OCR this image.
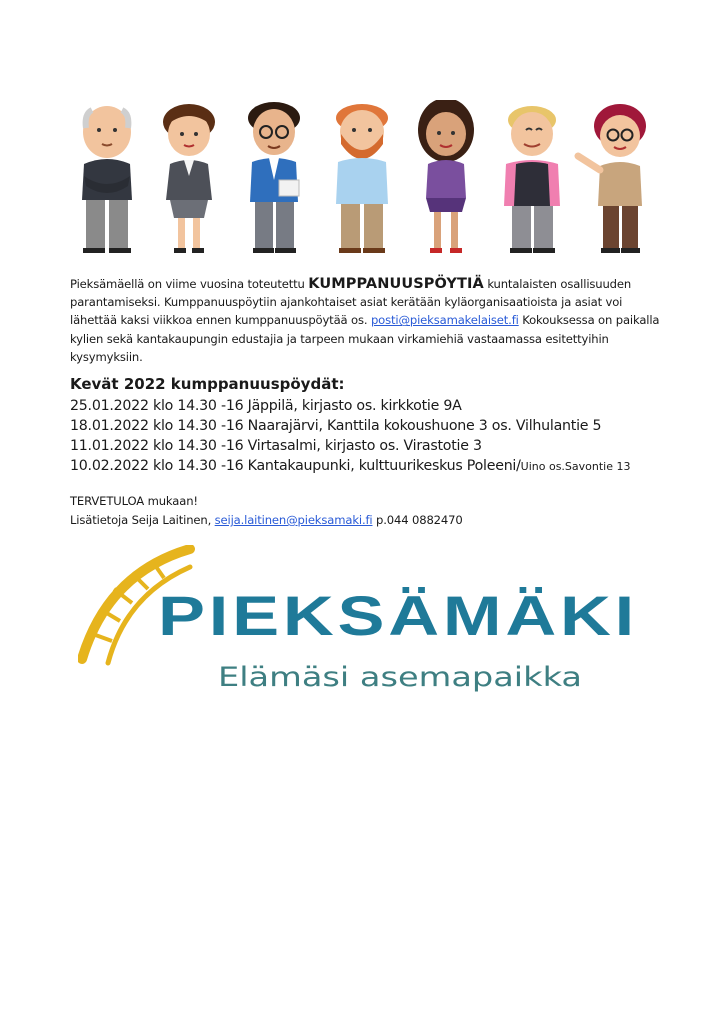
Pieksämäellä on viime vuosina toteutettu KUMPPANUUSPÖYTIÄ kuntalaisten osallisuuden parantamiseksi. Kumppanuuspöytiin ajankohtaiset asiat kerätään kyläorganisaatioista ja asiat voi lähettää kaksi viikkoa ennen kumppanuuspöytää os. posti@pieksamakelaiset.fi Kokouksessa on paikalla kylien sekä kantakaupungin edustajia ja tarpeen mukaan virkamiehiä vastaamassa esitettyihin kysymyksiin.
Kevät 2022 kumppanuuspöydät:
25.01.2022 klo 14.30 -16 Jäppilä, kirjasto os. kirkkotie 9A
18.01.2022 klo 14.30 -16 Naarajärvi, Kanttila kokoushuone 3 os. Vilhulantie 5
11.01.2022 klo 14.30 -16 Virtasalmi, kirjasto os. Virastotie 3
10.02.2022 klo 14.30 -16 Kantakaupunki, kulttuurikeskus Poleeni/Uino os.Savontie 13
TERVETULOA mukaan!
Lisätietoja Seija Laitinen, seija.laitinen@pieksamaki.fi p.044 0882470
PIEKSÄMÄKI
Elämäsi asemapaikka
